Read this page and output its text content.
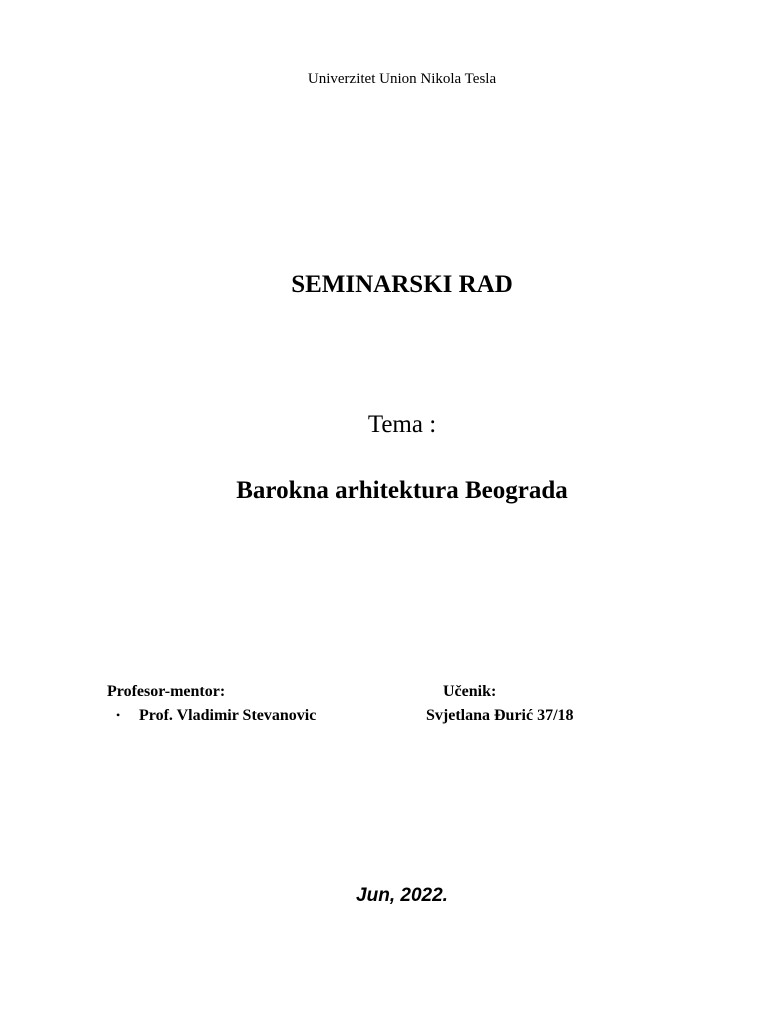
Univerzitet Union Nikola Tesla
SEMINARSKI RAD
Tema :
Barokna arhitektura Beograda
Profesor-mentor:
• Prof. Vladimir Stevanovic
Učenik:
Svjetlana Đurić 37/18
Jun, 2022.
